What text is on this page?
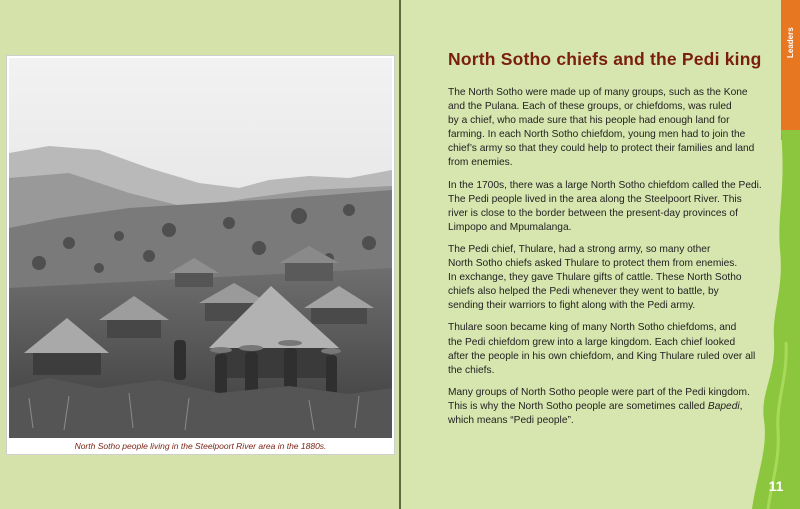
North Sotho people living in the Steelpoort River area in the 1880s.
North Sotho chiefs and the Pedi king

The North Sotho were made up of many groups, such as the Kone
and the Pulana. Each of these groups, or chiefdoms, was ruled
by a chief, who made sure that his people had enough land for
farming. In each North Sotho chiefdom, young men had to join the
chief’s army so that they could help to protect their families and land
from enemies.

In the 1700s, there was a large North Sotho chiefdom called the Pedi.
The Pedi people lived in the area along the Steelpoort River. This
river is close to the border between the present-day provinces of
Limpopo and Mpumalanga.

The Pedi chief, Thulare, had a strong army, so many other
North Sotho chiefs asked Thulare to protect them from enemies.
In exchange, they gave Thulare gifts of cattle. These North Sotho
chiefs also helped the Pedi whenever they went to battle, by
sending their warriors to fight along with the Pedi army.

Thulare soon became king of many North Sotho chiefdoms, and
the Pedi chiefdom grew into a large kingdom. Each chief looked
after the people in his own chiefdom, and King Thulare ruled over all
the chiefs.

Many groups of North Sotho people were part of the Pedi kingdom.
This is why the North Sotho people are sometimes called Bapedi,
which means “Pedi people”.

Leaders
11
